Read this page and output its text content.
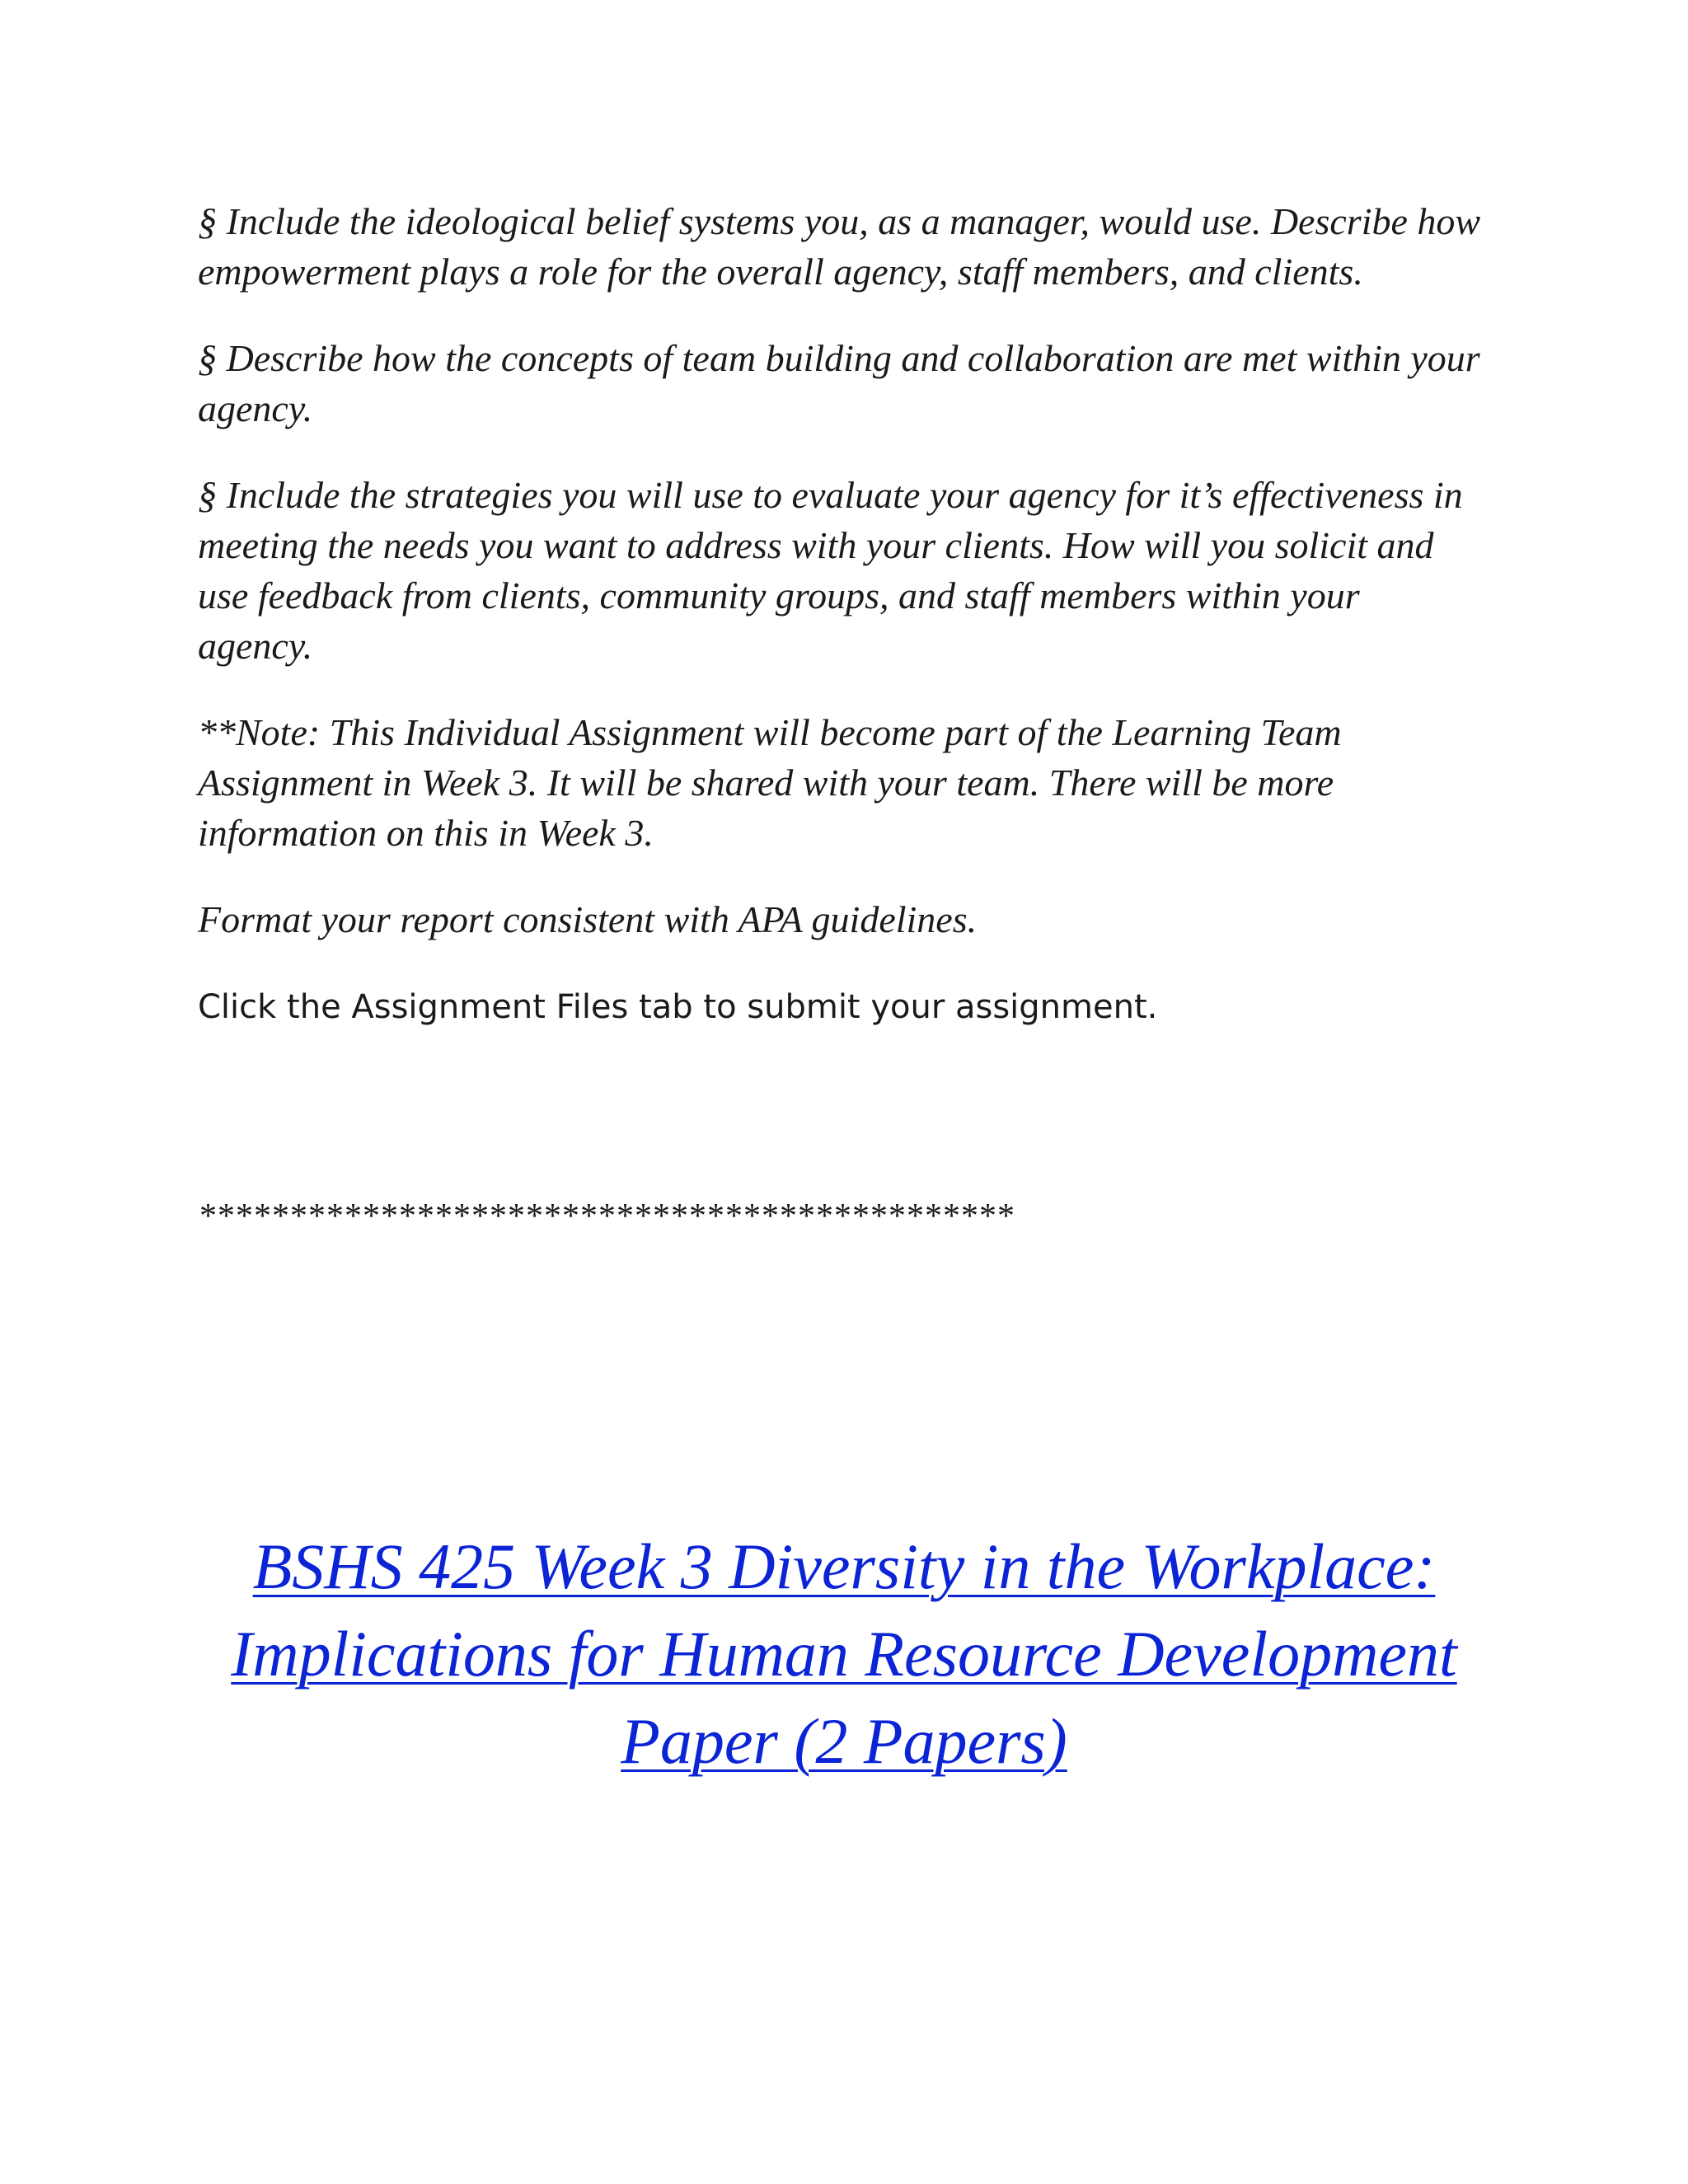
§ Include the ideological belief systems you, as a manager, would use. Describe how empowerment plays a role for the overall agency, staff members, and clients.

§ Describe how the concepts of team building and collaboration are met within your agency.

§ Include the strategies you will use to evaluate your agency for it’s effectiveness in meeting the needs you want to address with your clients. How will you solicit and use feedback from clients, community groups, and staff members within your agency.

**Note: This Individual Assignment will become part of the Learning Team Assignment in Week 3. It will be shared with your team. There will be more information on this in Week 3.

Format your report consistent with APA guidelines.

Click the Assignment Files tab to submit your assignment.

*********************************************
BSHS 425 Week 3 Diversity in the Workplace: Implications for Human Resource Development Paper (2 Papers)
